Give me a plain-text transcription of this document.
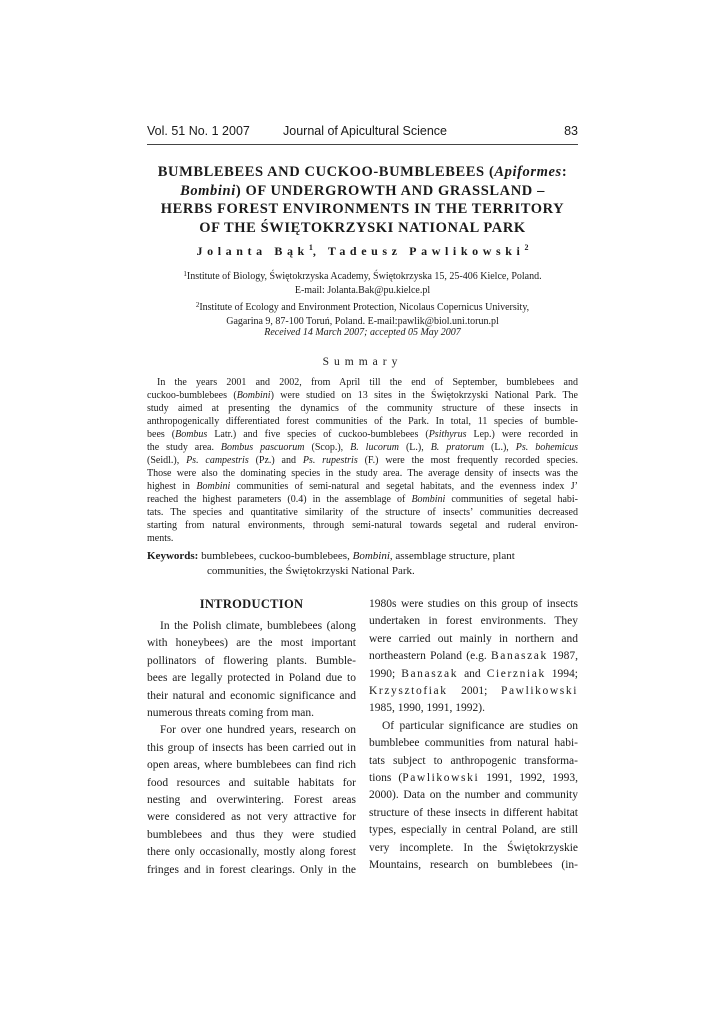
Vol. 51 No. 1 2007	Journal of Apicultural Science	83
BUMBLEBEES AND CUCKOO-BUMBLEBEES (Apiformes:
Bombini) OF UNDERGROWTH AND GRASSLAND –
HERBS FOREST ENVIRONMENTS IN THE TERRITORY
OF THE ŚWIĘTOKRZYSKI NATIONAL PARK
Jolanta Bąk$^1$, Tadeusz Pawlikowski$^2$
$^1$Institute of Biology, Świętokrzyska Academy, Świętokrzyska 15, 25-406 Kielce, Poland.
E-mail: Jolanta.Bak@pu.kielce.pl
$^2$Institute of Ecology and Environment Protection, Nicolaus Copernicus University,
Gagarina 9, 87-100 Toruń, Poland. E-mail:pawlik@biol.uni.torun.pl
Received 14 March 2007; accepted 05 May 2007
Summary
In the years 2001 and 2002, from April till the end of September, bumblebees and
cuckoo-bumblebees (Bombini) were studied on 13 sites in the Świętokrzyski National Park. The
study aimed at presenting the dynamics of the community structure of these insects in
anthropogenically differentiated forest communities of the Park. In total, 11 species of bumble-
bees (Bombus Latr.) and five species of cuckoo-bumblebees (Psithyrus Lep.) were recorded in
the study area. Bombus pascuorum (Scop.), B. lucorum (L.), B. pratorum (L.), Ps. bohemicus
(Seidl.), Ps. campestris (Pz.) and Ps. rupestris (F.) were the most frequently recorded species.
Those were also the dominating species in the study area. The average density of insects was the
highest in Bombini communities of semi-natural and segetal habitats, and the evenness index J’
reached the highest parameters (0.4) in the assemblage of Bombini communities of segetal habi-
tats. The species and quantitative similarity of the structure of insects’ communities decreased
starting from natural environments, through semi-natural towards segetal and ruderal environ-
ments.
Keywords: bumblebees, cuckoo-bumblebees, Bombini, assemblage structure, plant
communities, the Świętokrzyski National Park.
INTRODUCTION
In the Polish climate, bumblebees (along
with honeybees) are the most important
pollinators of flowering plants. Bumble-
bees are legally protected in Poland due to
their natural and economic significance and
numerous threats coming from man.
For over one hundred years, research on
this group of insects has been carried out in
open areas, where bumblebees can find rich
food resources and suitable habitats for
nesting and overwintering. Forest areas
were considered as not very attractive for
bumblebees and thus they were studied
there only occasionally, mostly along forest
fringes and in forest clearings. Only in the
1980s were studies on this group of insects
undertaken in forest environments. They
were carried out mainly in northern and
northeastern Poland (e.g. Banaszak 1987,
1990; Banaszak and Cierzniak 1994;
Krzysztofiak 2001; Pawlikowski
1985, 1990, 1991, 1992).
Of particular significance are studies on
bumblebee communities from natural habi-
tats subject to anthropogenic transforma-
tions (Pawlikowski 1991, 1992, 1993,
2000). Data on the number and community
structure of these insects in different habitat
types, especially in central Poland, are still
very incomplete. In the Świętokrzyskie
Mountains, research on bumblebees (in-
